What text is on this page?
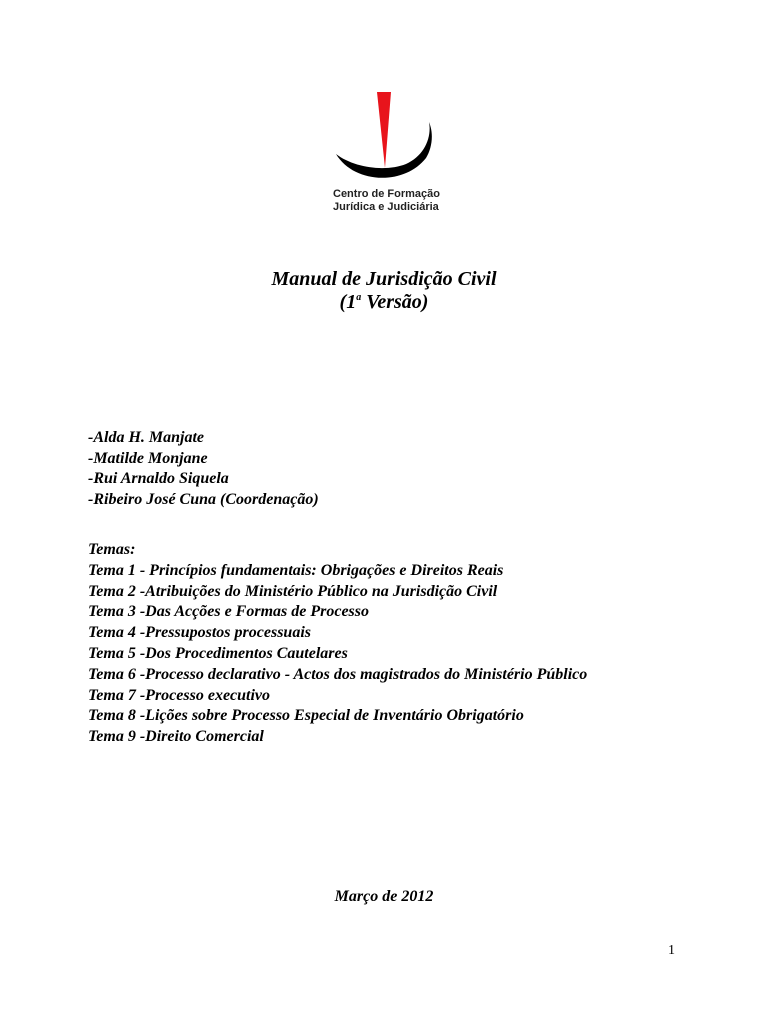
Centro de Formação
Jurídica e Judiciária
Manual de Jurisdição Civil
(1$^a$ Versão)
-Alda H. Manjate
-Matilde Monjane
-Rui Arnaldo Siquela
-Ribeiro José Cuna (Coordenação)
Temas:
Tema 1 - Princípios fundamentais: Obrigações e Direitos Reais
Tema 2 -Atribuições do Ministério Público na Jurisdição Civil
Tema 3 -Das Acções e Formas de Processo
Tema 4 -Pressupostos processuais
Tema 5 -Dos Procedimentos Cautelares
Tema 6 -Processo declarativo - Actos dos magistrados do Ministério Público
Tema 7 -Processo executivo
Tema 8 -Lições sobre Processo Especial de Inventário Obrigatório
Tema 9 -Direito Comercial
Março de 2012
1
